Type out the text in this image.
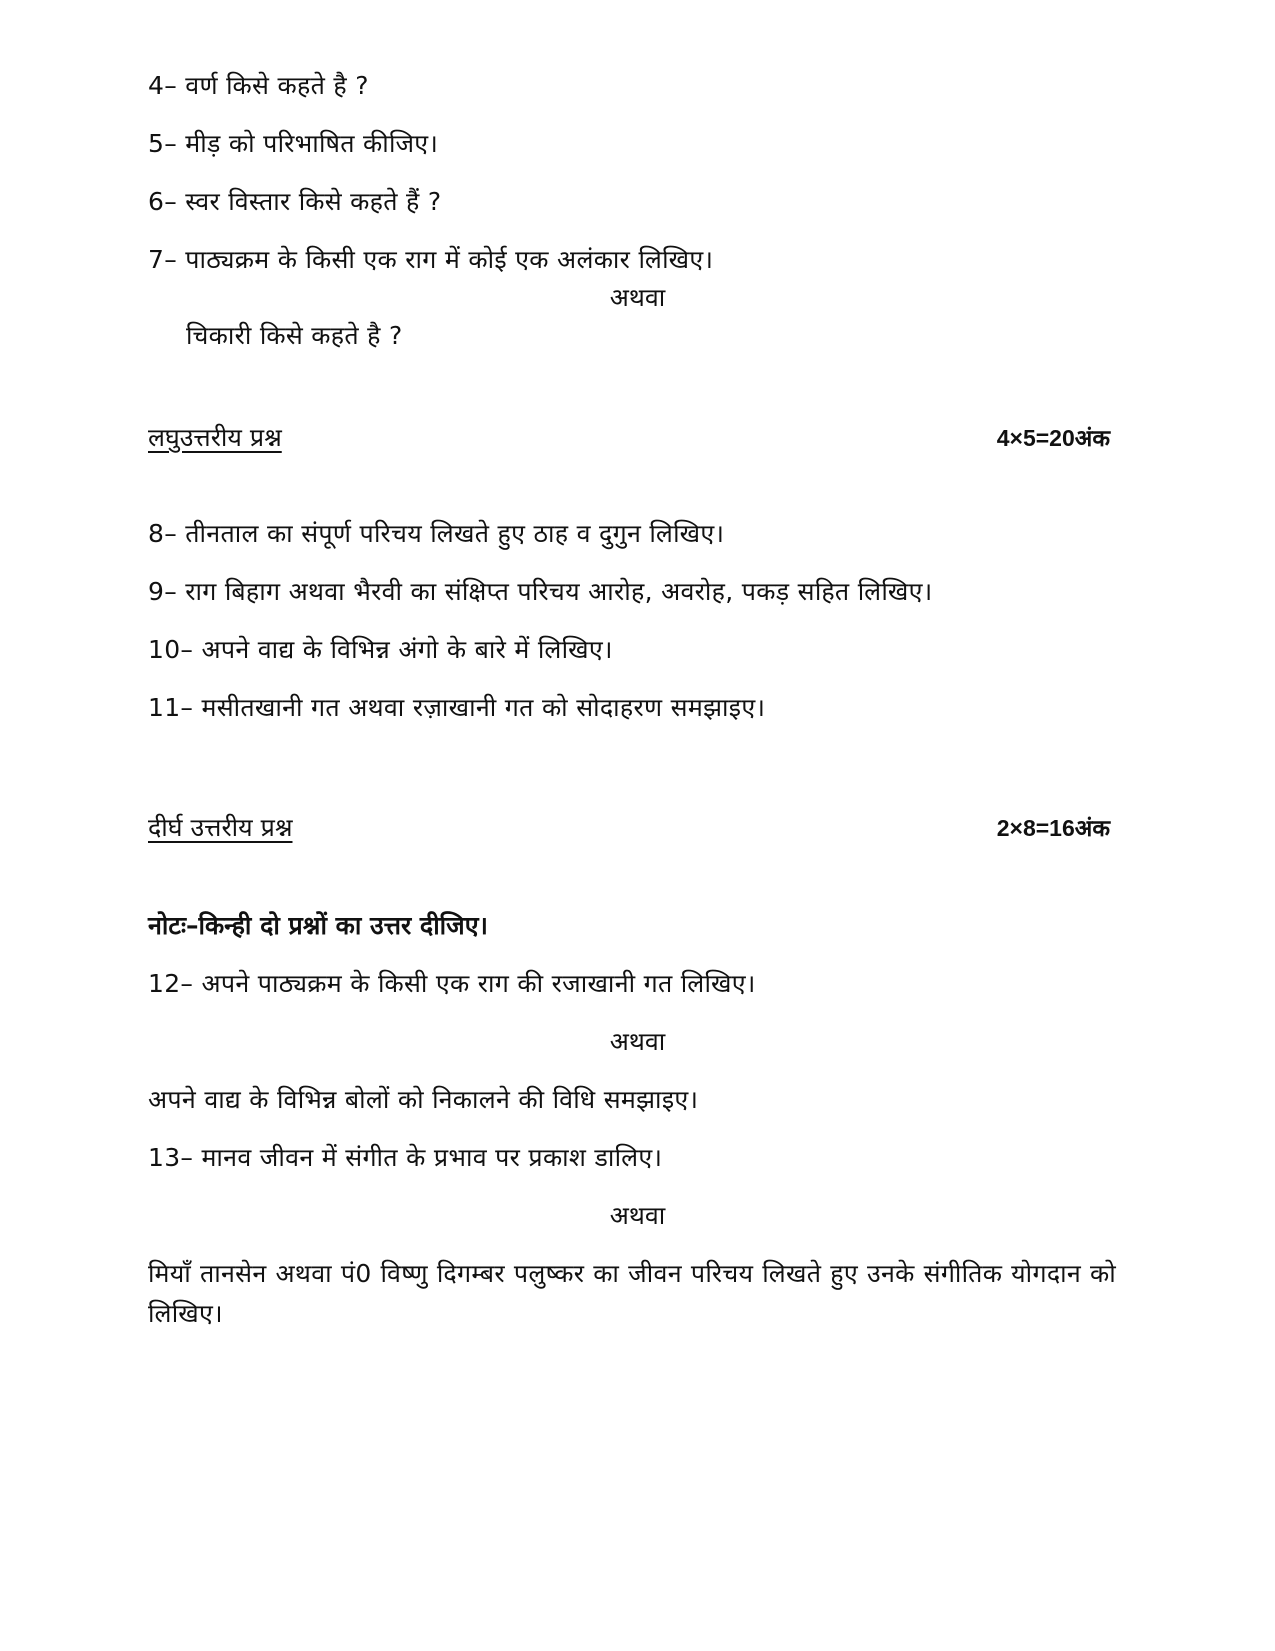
4– वर्ण किसे कहते है ?
5– मीड़ को परिभाषित कीजिए।
6– स्वर विस्तार किसे कहते हैं ?
7– पाठ्यक्रम के किसी एक राग में कोई एक अलंकार लिखिए।
अथवा
चिकारी किसे कहते है ?
लघुउत्तरीय प्रश्न	4×5=20अंक
8– तीनताल का संपूर्ण परिचय लिखते हुए ठाह व दुगुन लिखिए।
9– राग बिहाग अथवा भैरवी का संक्षिप्त परिचय आरोह, अवरोह, पकड़ सहित लिखिए।
10– अपने वाद्य के विभिन्न अंगो के बारे में लिखिए।
11– मसीतखानी गत अथवा रज़ाखानी गत को सोदाहरण समझाइए।
दीर्घ उत्तरीय प्रश्न	2×8=16अंक
नोटः–किन्ही दो प्रश्नों का उत्तर दीजिए।
12– अपने पाठ्यक्रम के किसी एक राग की रजाखानी गत लिखिए।
अथवा
अपने वाद्य के विभिन्न बोलों को निकालने की विधि समझाइए।
13– मानव जीवन में संगीत के प्रभाव पर प्रकाश डालिए।
अथवा
मियाँ तानसेन अथवा पं0 विष्णु दिगम्बर पलुष्कर का जीवन परिचय लिखते हुए उनके संगीतिक योगदान को लिखिए।
